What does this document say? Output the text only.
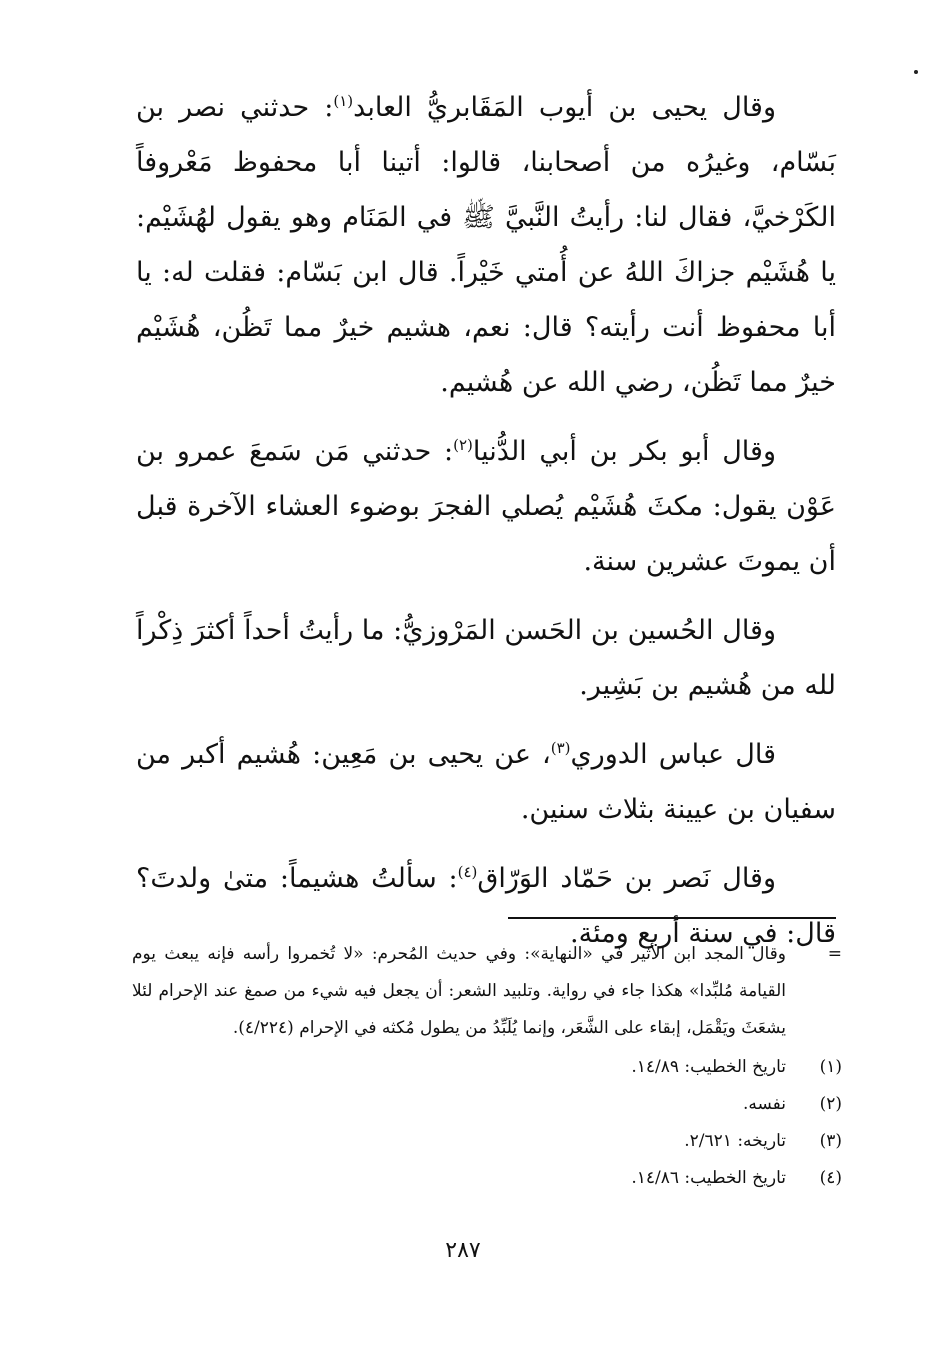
وقال يحيى بن أيوب المَقَابريُّ العابد$^{(١)}$: حدثني نصر بن بَسّام، وغيرُه من أصحابنا، قالوا: أتينا أبا محفوظ مَعْروفاً الكَرْخيَّ، فقال لنا: رأيتُ النَّبيَّ ﷺ في المَنَام وهو يقول لهُشَيْم: يا هُشَيْم جزاكَ اللهُ عن أُمتي خَيْراً. قال ابن بَسّام: فقلت له: يا أبا محفوظ أنت رأيته؟ قال: نعم، هشيم خيرٌ مما تَظُن، هُشَيْم خيرٌ مما تَظُن، رضي الله عن هُشيم.

وقال أبو بكر بن أبي الدُّنيا$^{(٢)}$: حدثني مَن سَمعَ عمرو بن عَوْن يقول: مكثَ هُشَيْم يُصلي الفجرَ بوضوء العشاء الآخرة قبل أن يموتَ عشرين سنة.

وقال الحُسين بن الحَسن المَرْوزيُّ: ما رأيتُ أحداً أكثرَ ذِكْراً لله من هُشيم بن بَشِير.

قال عباس الدوري$^{(٣)}$، عن يحيى بن مَعِين: هُشيم أكبر من سفيان بن عيينة بثلاث سنين.

وقال نَصر بن حَمّاد الوَرّاق$^{(٤)}$: سألتُ هشيماً: متىٰ ولدتَ؟ قال: في سنة أربع ومئة.

=
وقال المجد ابن الأثير في «النهاية»: وفي حديث المُحرم: «لا تُخمروا رأسه فإنه يبعث يوم القيامة مُلبِّدا» هكذا جاء في رواية. وتلبيد الشعر: أن يجعل فيه شيء من صمغ عند الإحرام لئلا يشعَثَ ويَقْمَل، إبقاء على الشَّعَر، وإنما يُلَبِّدُ من يطول مُكثه في الإحرام (٤/٢٢٤).

(١)
تاريخ الخطيب: ١٤/٨٩.

(٢)
نفسه.

(٣)
تاريخه: ٢/٦٢١.

(٤)
تاريخ الخطيب: ١٤/٨٦.

٢٨٧
